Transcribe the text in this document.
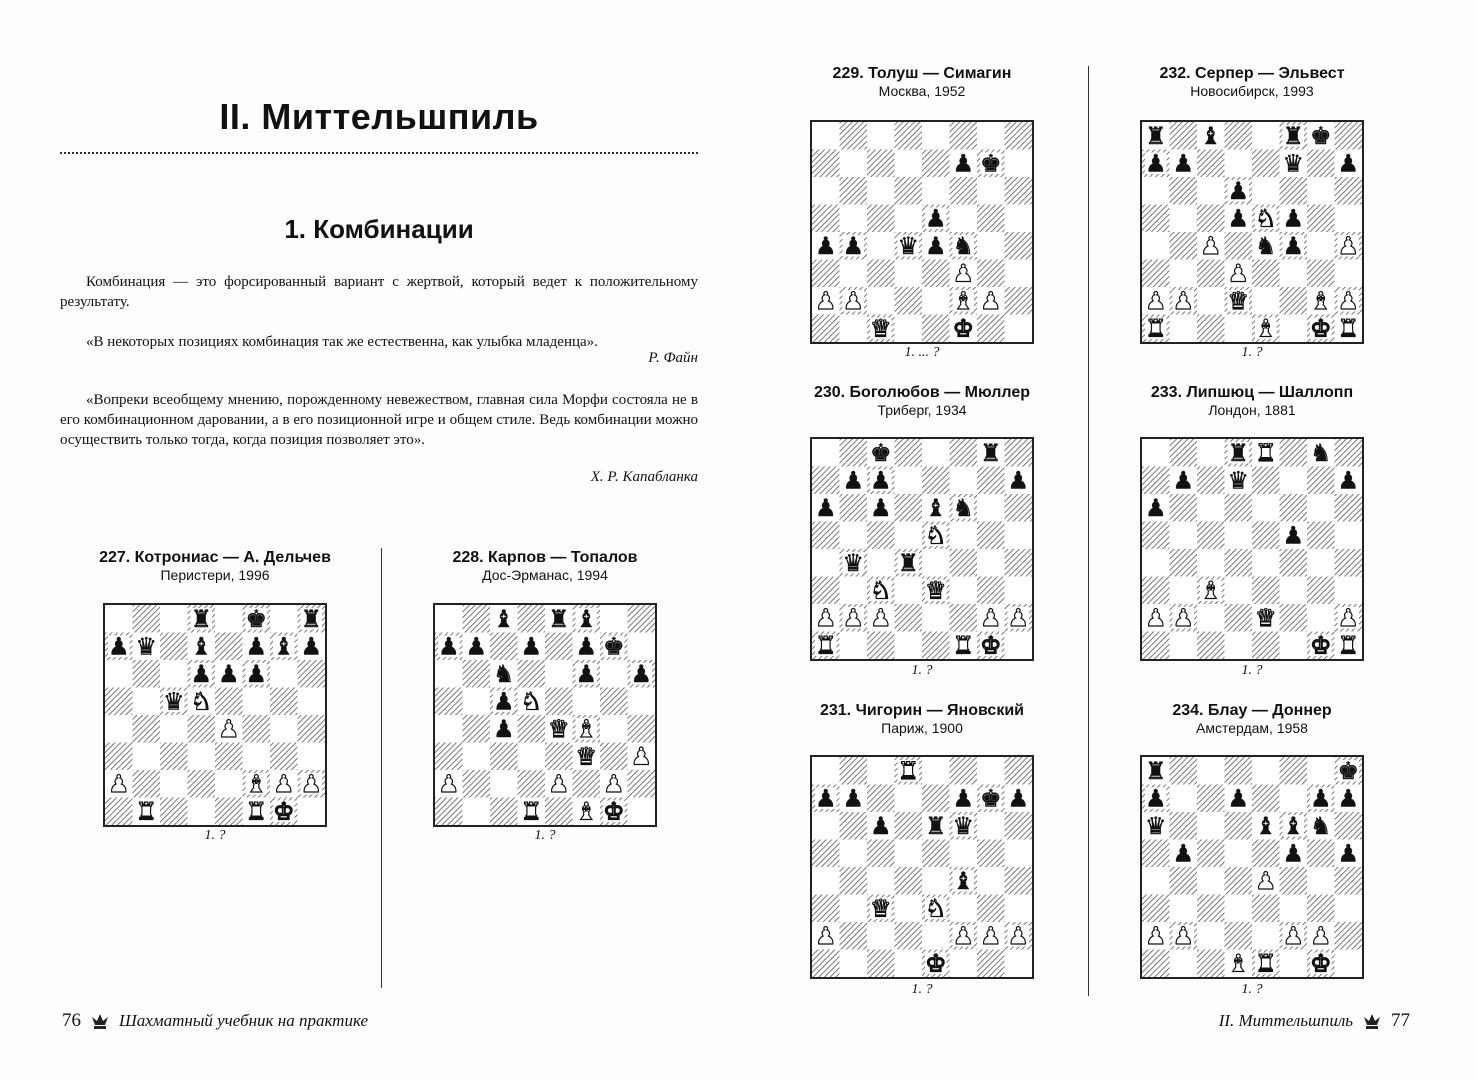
II. Миттельшпиль
1. Комбинации
Комбинация — это форсированный вариант с жертвой, который ведет к положительному результату.
«В некоторых позициях комбинация так же естественна, как улыбка младенца».
Р. Файн
«Вопреки всеобщему мнению, порожденному невежеством, главная сила Морфи состояла не в его комбинационном даровании, а в его позиционной игре и общем стиле. Ведь комбинации можно осуществить только тогда, когда позиция позволяет это».
Х. Р. Капабланка
227. Котрониас — А. Дельчев
Перистери, 1996
♜ ♚ ♜
♟ ♛ ♝ ♟ ♝ ♟
♟ ♟ ♟
♛ ♞
♟
♟	♝ ♟ ♟
♜	♜ ♚
1. ?
228. Карпов — Топалов
Дос-Эрманас, 1994
♝ ♜ ♝
♟ ♟ ♟ ♟ ♚
♞	♟ ♟
♟ ♞
♟ ♛ ♝
♛ ♟
♟	♟ ♟
♜ ♝ ♚
1. ?
229. Толуш — Симагин
Москва, 1952
♟ ♚
♟
♟ ♟ ♛ ♟ ♞
♟
♟ ♟	♝ ♟
♛	♚
1. ... ?
230. Боголюбов — Мюллер
Триберг, 1934
♚	♜
♟ ♟	♟
♟ ♟ ♝ ♞
♞
♛ ♜
♞ ♛
♟ ♟ ♟	♟ ♟
♜	♜ ♚
1. ?
231. Чигорин — Яновский
Париж, 1900
♜
♟ ♟	♟ ♚ ♟
♟ ♜ ♛
♝
♛ ♞
♟	♟ ♟ ♟
♚
1. ?
232. Серпер — Эльвест
Новосибирск, 1993
♜ ♝	♜ ♚
♟ ♟	♛ ♟
♟
♟ ♞ ♟
♟ ♞ ♟ ♟
♟
♟ ♟ ♛	♝ ♟
♜	♝ ♚ ♜
1. ?
233. Липшюц — Шаллопп
Лондон, 1881
♜ ♜ ♞
♟ ♛	♟
♟
♟
♝
♟ ♟	♛	♟
♚ ♜
1. ?
234. Блау — Доннер
Амстердам, 1958
♜	♚
♟	♟	♟ ♟
♛	♝ ♝ ♞
♟	♟ ♟
♟
♟ ♟	♟ ♟
♝ ♜ ♚
1. ?
76 Шахматный учебник на практике	II. Миттельшпиль 77
